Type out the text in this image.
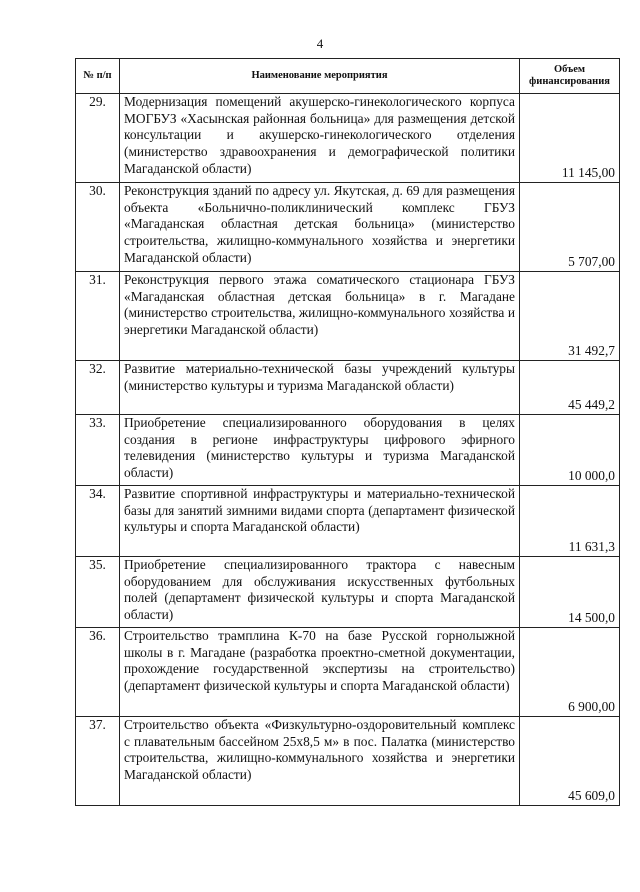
4
№ п/п	Наименование мероприятия	Объем финансирования
29.	Модернизация помещений акушерско-гинекологического корпуса МОГБУЗ «Хасынская районная больница» для размещения детской консультации и акушерско-гинекологического отделения (министерство здравоохранения и демографической политики Магаданской области)	11 145,00
30.	Реконструкция зданий по адресу ул. Якутская, д. 69 для размещения объекта «Больнично-поликлинический комплекс ГБУЗ «Магаданская областная детская больница» (министерство строительства, жилищно-коммунального хозяйства и энергетики Магаданской области)	5 707,00
31.	Реконструкция первого этажа соматического стационара ГБУЗ «Магаданская областная детская больница» в г. Магадане (министерство строительства, жилищно-коммунального хозяйства и энергетики Магаданской области)	31 492,7
32.	Развитие материально-технической базы учреждений культуры (министерство культуры и туризма Магаданской области)	45 449,2
33.	Приобретение специализированного оборудования в целях создания в регионе инфраструктуры цифрового эфирного телевидения (министерство культуры и туризма Магаданской области)	10 000,0
34.	Развитие спортивной инфраструктуры и материально-технической базы для занятий зимними видами спорта (департамент физической культуры и спорта Магаданской области)	11 631,3
35.	Приобретение специализированного трактора с навесным оборудованием для обслуживания искусственных футбольных полей (департамент физической культуры и спорта Магаданской области)	14 500,0
36.	Строительство трамплина К-70 на базе Русской горнолыжной школы в г. Магадане (разработка проектно-сметной документации, прохождение государственной экспертизы на строительство) (департамент физической культуры и спорта Магаданской области)	6 900,00
37.	Строительство объекта «Физкультурно-оздоровительный комплекс с плавательным бассейном 25х8,5 м» в пос. Палатка (министерство строительства, жилищно-коммунального хозяйства и энергетики Магаданской области)	45 609,0
